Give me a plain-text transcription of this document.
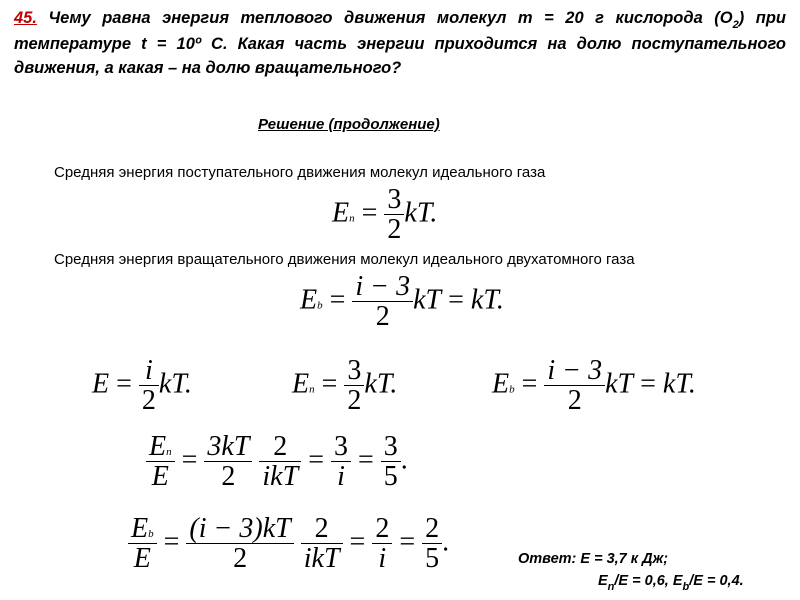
45. Чему равна энергия теплового движения молекул m = 20 г кислорода $(O_2)$ при температуре t = 10º C. Какая часть энергии приходится на долю поступательного движения, а какая – на долю вращательного?
Решение (продолжение)
Средняя энергия поступательного движения молекул идеального газа
$En = \frac{3}{2}$ kT.
Средняя энергия вращательного движения молекул идеального двухатомного газа
$Eb = \frac{i - 3}{2}$ kT = kT.
$E = \frac{i}{2}$ kT.	$En = \frac{3}{2}$ kT.	$Eb = \frac{i - 3}{2}$ kT = kT.
$\frac{En}{E} = \frac{3kT}{2}$
$\frac{2}{\text{ikT}} = \frac{3}{i} = \frac{3}{5}$ .
$\frac{Eb}{E} = \frac{(i - 3)kT}{2}$
$\frac{2}{\text{ikT}} = \frac{2}{i} = \frac{2}{5}$ .
Ответ: E = 3,7 к Дж;
$E_n/E = 0,6$, $E_b/E = 0,4$.
